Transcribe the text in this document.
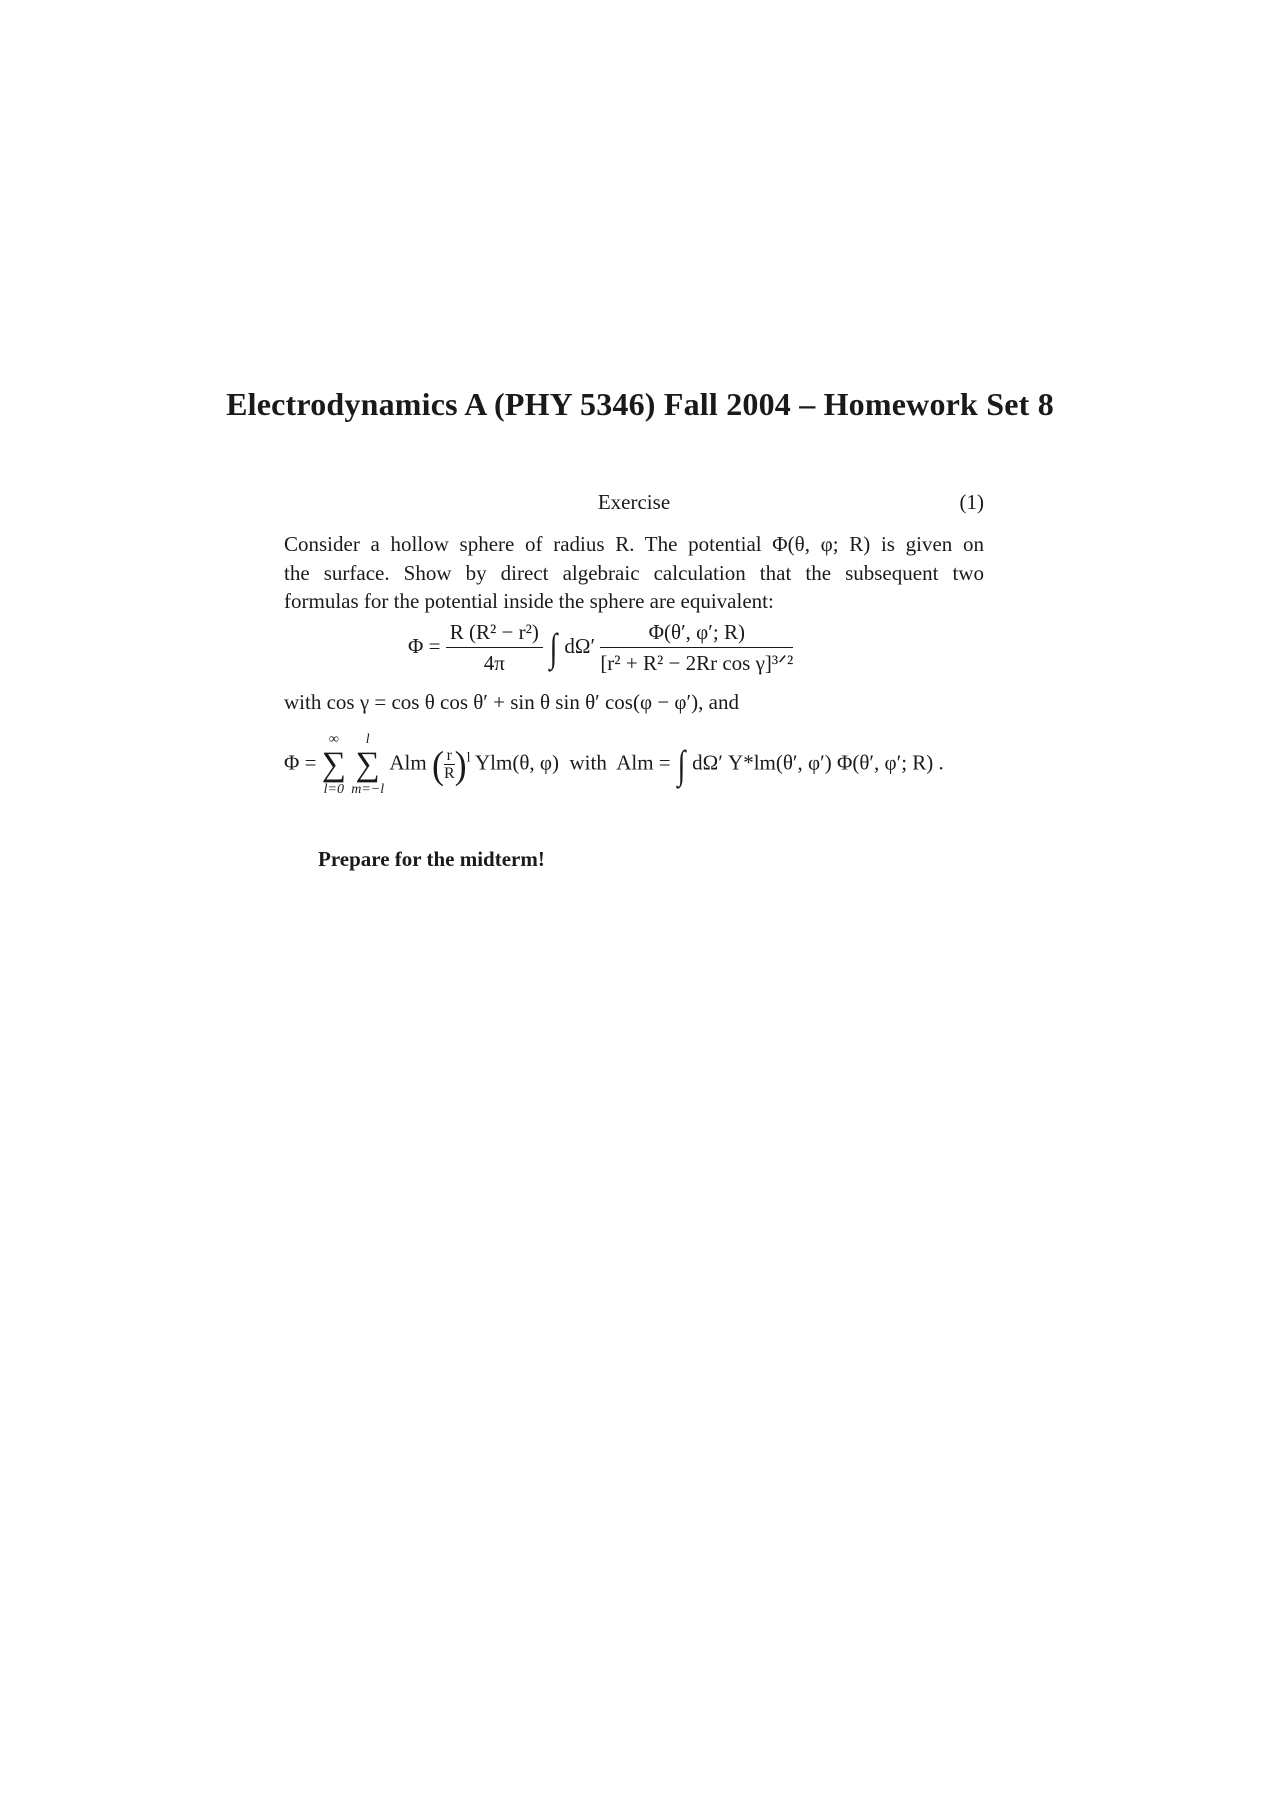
Electrodynamics A (PHY 5346) Fall 2004 – Homework Set 8
Exercise	(1)
Consider a hollow sphere of radius R. The potential Φ(θ, φ; R) is given on
the surface. Show by direct algebraic calculation that the subsequent two
formulas for the potential inside the sphere are equivalent:
$\Phi = \frac{\text{R (R² − r²)}}{4\pi}$ ∫ $d\Omega' \frac{\Phi(\theta', \varphi'; R)}{\text{[r² + R² − 2Rr cos γ]³ᐟ²}}$
with cos γ = cos θ cos θ′ + sin θ sin θ′ cos(φ − φ′), and
Φ =
∞
∑
l=0

l
∑
m=−l
Alm ( $\frac{r}{R})^l$ Ylm(θ, φ) with Alm = ∫ dΩ′ Y*lm(θ′, φ′) Φ(θ′, φ′; R) .
Prepare for the midterm!
